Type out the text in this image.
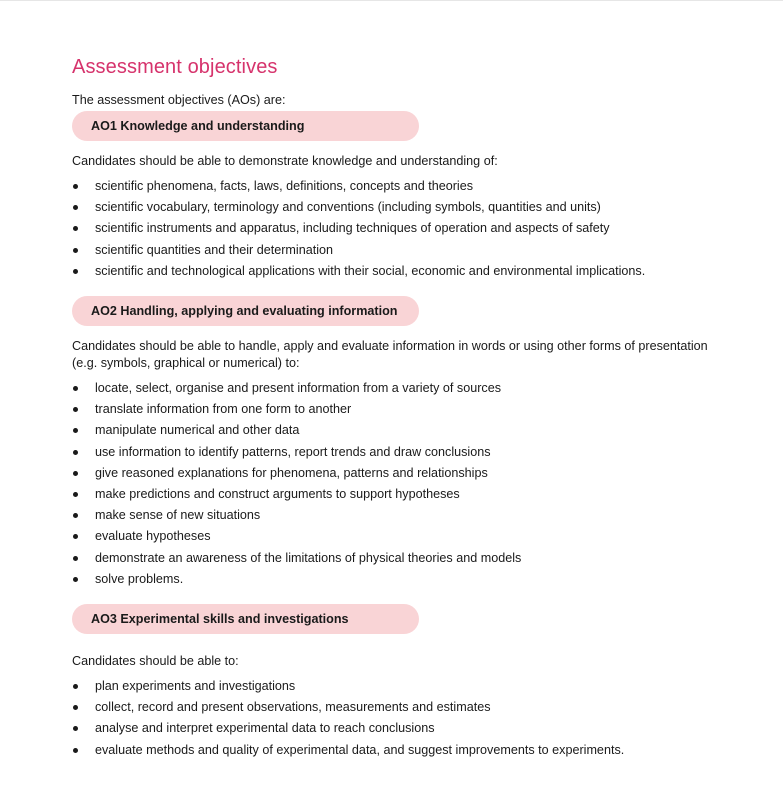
Assessment objectives

The assessment objectives (AOs) are:

AO1 Knowledge and understanding

Candidates should be able to demonstrate knowledge and understanding of:

scientific phenomena, facts, laws, definitions, concepts and theories
scientific vocabulary, terminology and conventions (including symbols, quantities and units)
scientific instruments and apparatus, including techniques of operation and aspects of safety
scientific quantities and their determination
scientific and technological applications with their social, economic and environmental implications.
AO2 Handling, applying and evaluating information

Candidates should be able to handle, apply and evaluate information in words or using other forms of presentation (e.g. symbols, graphical or numerical) to:

locate, select, organise and present information from a variety of sources
translate information from one form to another
manipulate numerical and other data
use information to identify patterns, report trends and draw conclusions
give reasoned explanations for phenomena, patterns and relationships
make predictions and construct arguments to support hypotheses
make sense of new situations
evaluate hypotheses
demonstrate an awareness of the limitations of physical theories and models
solve problems.
AO3 Experimental skills and investigations

Candidates should be able to:

plan experiments and investigations
collect, record and present observations, measurements and estimates
analyse and interpret experimental data to reach conclusions
evaluate methods and quality of experimental data, and suggest improvements to experiments.
